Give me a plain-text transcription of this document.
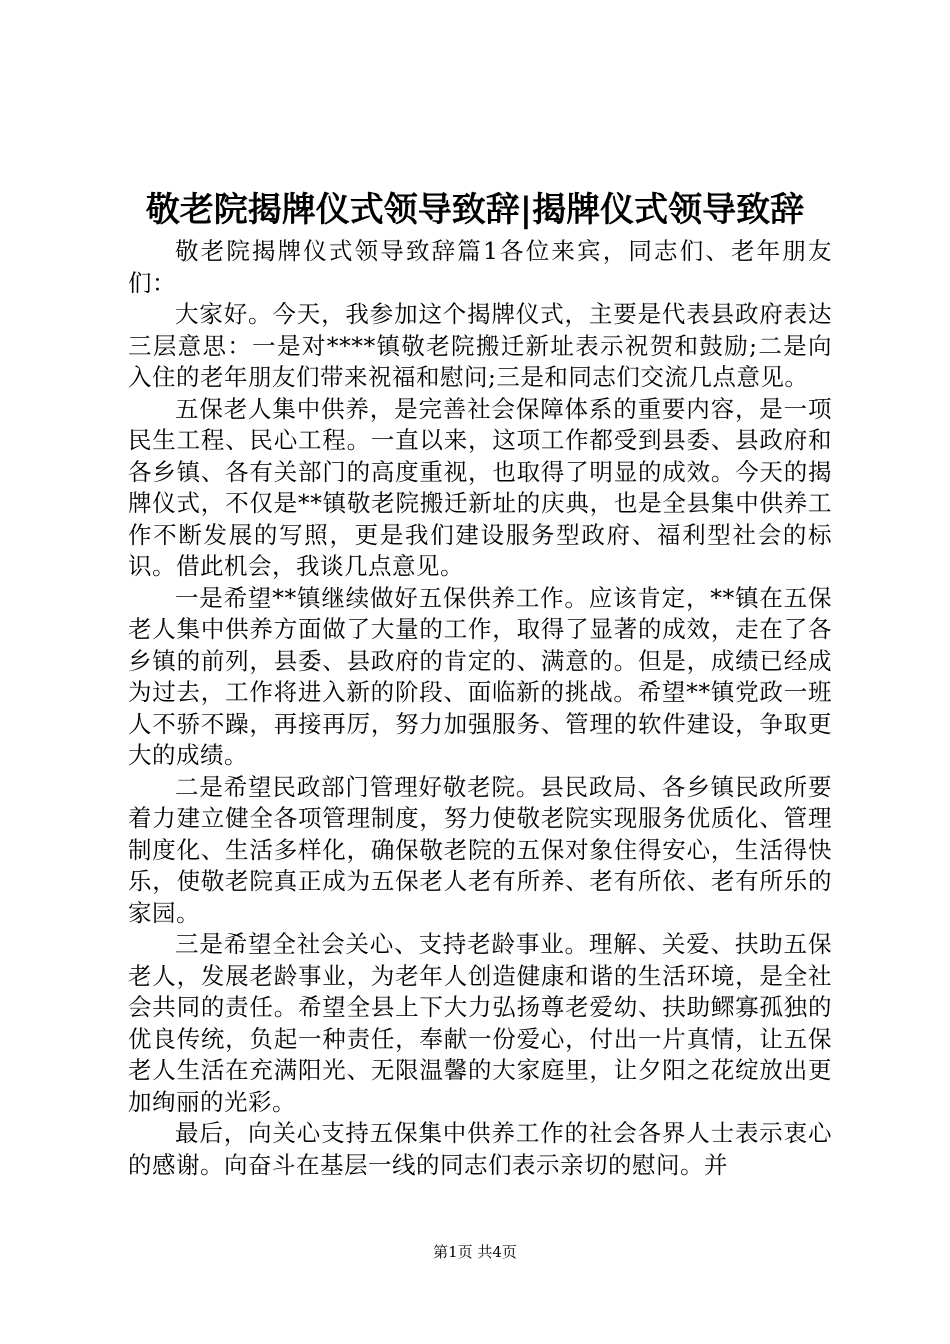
敬老院揭牌仪式领导致辞|揭牌仪式领导致辞

敬老院揭牌仪式领导致辞篇1各位来宾，同志们、老年朋友们：

大家好。今天，我参加这个揭牌仪式，主要是代表县政府表达三层意思：一是对****镇敬老院搬迁新址表示祝贺和鼓励;二是向入住的老年朋友们带来祝福和慰问;三是和同志们交流几点意见。

五保老人集中供养，是完善社会保障体系的重要内容，是一项民生工程、民心工程。一直以来，这项工作都受到县委、县政府和各乡镇、各有关部门的高度重视，也取得了明显的成效。今天的揭牌仪式，不仅是**镇敬老院搬迁新址的庆典，也是全县集中供养工作不断发展的写照，更是我们建设服务型政府、福利型社会的标识。借此机会，我谈几点意见。

一是希望**镇继续做好五保供养工作。应该肯定，**镇在五保老人集中供养方面做了大量的工作，取得了显著的成效，走在了各乡镇的前列，县委、县政府的肯定的、满意的。但是，成绩已经成为过去，工作将进入新的阶段、面临新的挑战。希望**镇党政一班人不骄不躁，再接再厉，努力加强服务、管理的软件建设，争取更大的成绩。

二是希望民政部门管理好敬老院。县民政局、各乡镇民政所要着力建立健全各项管理制度，努力使敬老院实现服务优质化、管理制度化、生活多样化，确保敬老院的五保对象住得安心，生活得快乐，使敬老院真正成为五保老人老有所养、老有所依、老有所乐的家园。

三是希望全社会关心、支持老龄事业。理解、关爱、扶助五保老人，发展老龄事业，为老年人创造健康和谐的生活环境，是全社会共同的责任。希望全县上下大力弘扬尊老爱幼、扶助鳏寡孤独的优良传统，负起一种责任，奉献一份爱心，付出一片真情，让五保老人生活在充满阳光、无限温馨的大家庭里，让夕阳之花绽放出更加绚丽的光彩。

最后，向关心支持五保集中供养工作的社会各界人士表示衷心的感谢。向奋斗在基层一线的同志们表示亲切的慰问。并

第1页 共4页
